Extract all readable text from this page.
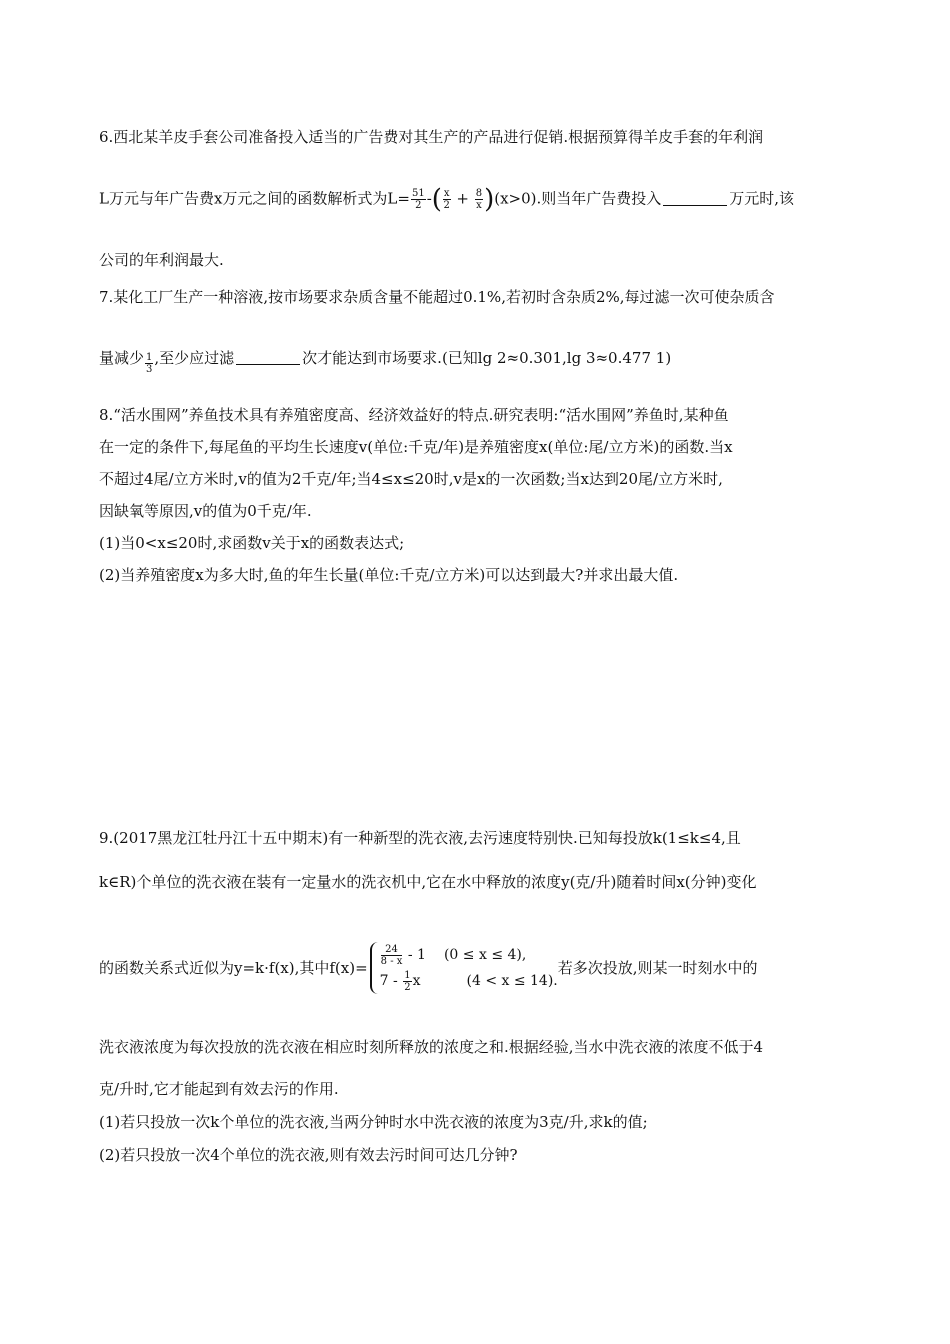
6.西北某羊皮手套公司准备投入适当的广告费对其生产的产品进行促销.根据预算得羊皮手套的年利润
L万元与年广告费x万元之间的函数解析式为$L= \frac{51}{2}$ -( $\frac{x}{2} + \frac{8}{x} )(x>0)$.则当年广告费投入	万元时,该
公司的年利润最大.
7.某化工厂生产一种溶液,按市场要求杂质含量不能超过0.1%,若初时含杂质2%,每过滤一次可使杂质含
量减少 $\frac{1}{3}$ ,至少应过滤	次才能达到市场要求.(已知lg 2≈0.301,lg 3≈0.477 1)
8.“活水围网”养鱼技术具有养殖密度高、经济效益好的特点.研究表明:“活水围网”养鱼时,某种鱼
在一定的条件下,每尾鱼的平均生长速度v(单位:千克/年)是养殖密度x(单位:尾/立方米)的函数.当x
不超过4尾/立方米时,v的值为2千克/年;当4≤x≤20时,v是x的一次函数;当x达到20尾/立方米时,
因缺氧等原因,v的值为0千克/年.
(1)当0<x≤20时,求函数v关于x的函数表达式;
(2)当养殖密度x为多大时,鱼的年生长量(单位:千克/立方米)可以达到最大?并求出最大值.
9.(2017黑龙江牡丹江十五中期末)有一种新型的洗衣液,去污速度特别快.已知每投放k(1≤k≤4,且
k∈R)个单位的洗衣液在装有一定量水的洗衣机中,它在水中释放的浓度y(克/升)随着时间x(分钟)变化
的函数关系式近似为y=k·f(x),其中f(x)=
$\frac{24}{8 - x} - 1$ (0 ≤ x ≤ 4),
$7 - \frac{1}{2}$ x	(4 < x ≤ 14).
若多次投放,则某一时刻水中的
洗衣液浓度为每次投放的洗衣液在相应时刻所释放的浓度之和.根据经验,当水中洗衣液的浓度不低于4
克/升时,它才能起到有效去污的作用.
(1)若只投放一次k个单位的洗衣液,当两分钟时水中洗衣液的浓度为3克/升,求k的值;
(2)若只投放一次4个单位的洗衣液,则有效去污时间可达几分钟?
